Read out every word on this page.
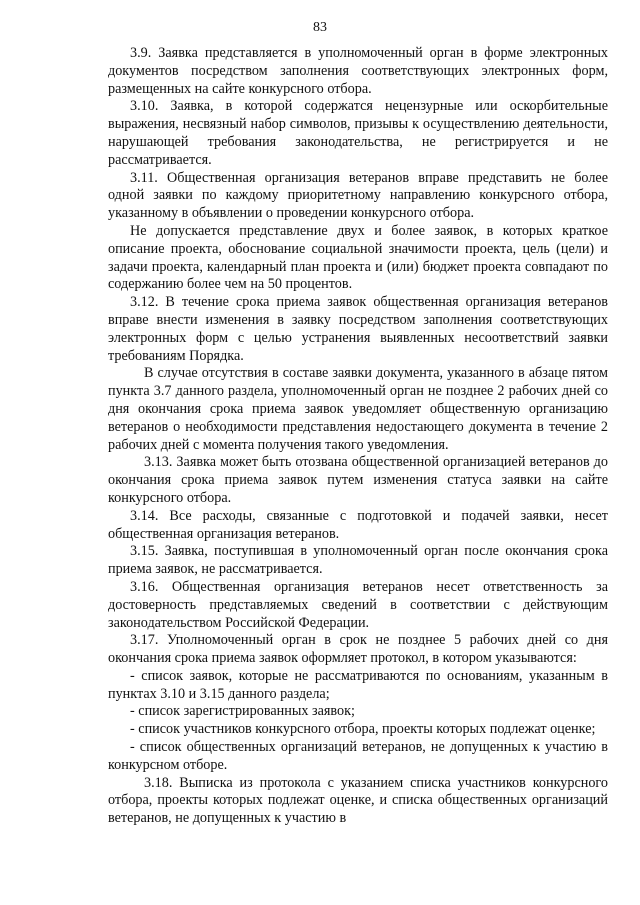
83

3.9. Заявка представляется в уполномоченный орган в форме электронных документов посредством заполнения соответствующих электронных форм, размещенных на сайте конкурсного отбора.

3.10. Заявка, в которой содержатся нецензурные или оскорбительные выражения, несвязный набор символов, призывы к осуществлению деятельности, нарушающей требования законодательства, не регистрируется и не рассматривается.

3.11. Общественная организация ветеранов вправе представить не более одной заявки по каждому приоритетному направлению конкурсного отбора, указанному в объявлении о проведении конкурсного отбора.

Не допускается представление двух и более заявок, в которых краткое описание проекта, обоснование социальной значимости проекта, цель (цели) и задачи проекта, календарный план проекта и (или) бюджет проекта совпадают по содержанию более чем на 50 процентов.

3.12. В течение срока приема заявок общественная организация ветеранов вправе внести изменения в заявку посредством заполнения соответствующих электронных форм с целью устранения выявленных несоответствий заявки требованиям Порядка.

В случае отсутствия в составе заявки документа, указанного в абзаце пятом пункта 3.7 данного раздела, уполномоченный орган не позднее 2 рабочих дней со дня окончания срока приема заявок уведомляет общественную организацию ветеранов о необходимости представления недостающего документа в течение 2 рабочих дней с момента получения такого уведомления.

3.13. Заявка может быть отозвана общественной организацией ветеранов до окончания срока приема заявок путем изменения статуса заявки на сайте конкурсного отбора.

3.14. Все расходы, связанные с подготовкой и подачей заявки, несет общественная организация ветеранов.

3.15. Заявка, поступившая в уполномоченный орган после окончания срока приема заявок, не рассматривается.

3.16. Общественная организация ветеранов несет ответственность за достоверность представляемых сведений в соответствии с действующим законодательством Российской Федерации.

3.17. Уполномоченный орган в срок не позднее 5 рабочих дней со дня окончания срока приема заявок оформляет протокол, в котором указываются:

- список заявок, которые не рассматриваются по основаниям, указанным в пунктах 3.10 и 3.15 данного раздела;

- список зарегистрированных заявок;

- список участников конкурсного отбора, проекты которых подлежат оценке;

- список общественных организаций ветеранов, не допущенных к участию в конкурсном отборе.

3.18. Выписка из протокола с указанием списка участников конкурсного отбора, проекты которых подлежат оценке, и списка общественных организаций ветеранов, не допущенных к участию в
